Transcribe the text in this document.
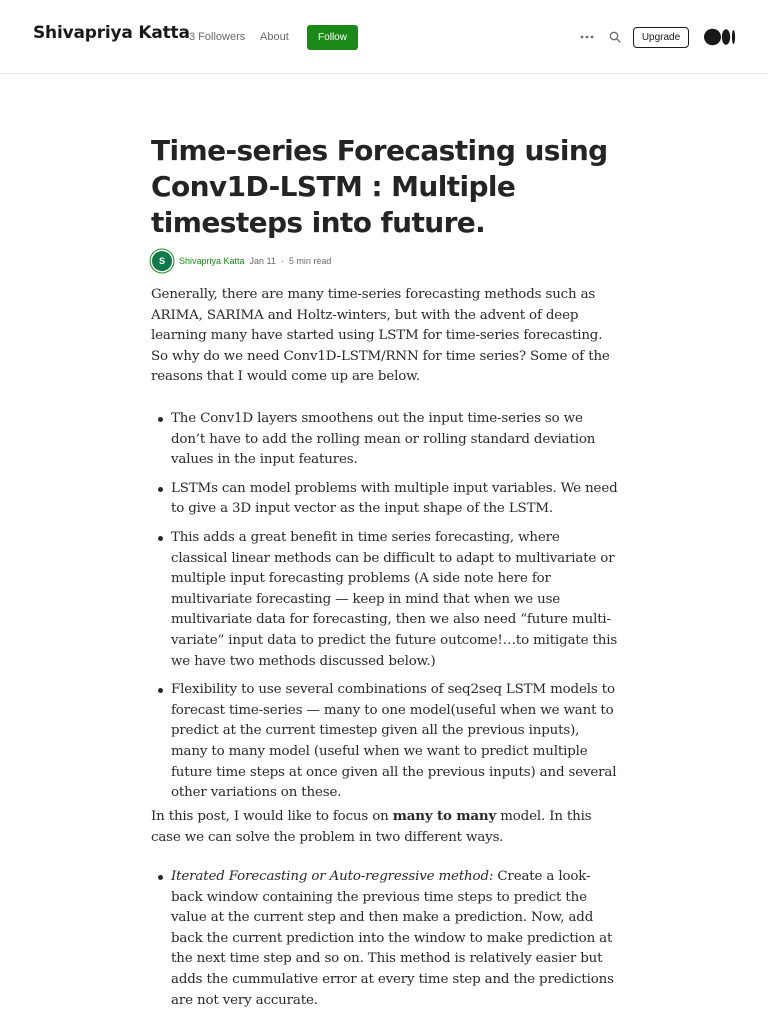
Shivapriya Katta 3 Followers About	Follow	Upgrade
Time-series Forecasting using Conv1D-LSTM : Multiple timesteps into future.
S	Shivapriya Katta Jan 11 · 5 min read

Generally, there are many time-series forecasting methods such as ARIMA, SARIMA and Holtz-winters, but with the advent of deep learning many have started using LSTM for time-series forecasting. So why do we need Conv1D-LSTM/RNN for time series? Some of the reasons that I would come up are below.

The Conv1D layers smoothens out the input time-series so we don’t have to add the rolling mean or rolling standard deviation values in the input features.
LSTMs can model problems with multiple input variables. We need to give a 3D input vector as the input shape of the LSTM.
This adds a great benefit in time series forecasting, where classical linear methods can be difficult to adapt to multivariate or multiple input forecasting problems (A side note here for multivariate forecasting — keep in mind that when we use multivariate data for forecasting, then we also need “future multi-variate” input data to predict the future outcome!…to mitigate this we have two methods discussed below.)
Flexibility to use several combinations of seq2seq LSTM models to forecast time-series — many to one model(useful when we want to predict at the current timestep given all the previous inputs), many to many model (useful when we want to predict multiple future time steps at once given all the previous inputs) and several other variations on these.

In this post, I would like to focus on many to many model. In this case we can solve the problem in two different ways.

Iterated Forecasting or Auto-regressive method: Create a look-back window containing the previous time steps to predict the value at the current step and then make a prediction. Now, add back the current prediction into the window to make prediction at the next time step and so on. This method is relatively easier but adds the cummulative error at every time step and the predictions are not very accurate.
